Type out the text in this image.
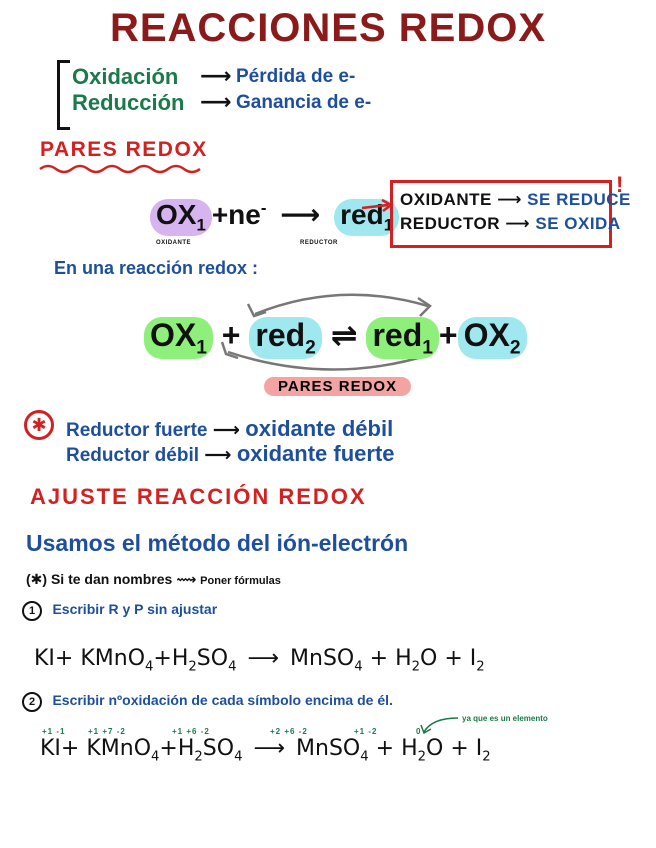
REACCIONES REDOX
Oxidación ⟶ Pérdida de e-
Reducción ⟶ Ganancia de e-
PARES REDOX
$OX_1 +ne^-$ ⟶ red$_1$
OXIDANTE	REDUCTOR
OXIDANTE ⟶ SE REDUCE
REDUCTOR ⟶ SE OXIDA
!
En una reacción redox :
$OX_1 + red_2$ ⇌ $red_1 + OX_2$
PARES REDOX
✱	Reductor fuerte ⟶ oxidante débil
Reductor débil ⟶ oxidante fuerte
AJUSTE REACCIÓN REDOX
Usamos el método del ión-electrón
(✱) Si te dan nombres ⟿ Poner fórmulas
1 Escribir R y P sin ajustar
$KI+ KMnO_4+H_2SO_4$ ⟶ MnSO$_4$ + $H_2O + I_2$
2 Escribir nºoxidación de cada símbolo encima de él.
+1 -1	+1 +7 -2	+1 +6 -2	+2 +6 -2	+1 -2	0
$KI+ KMnO_4+H_2SO_4$ ⟶ MnSO$_4$ + $H_2O + I_2$
ya que es un elemento
